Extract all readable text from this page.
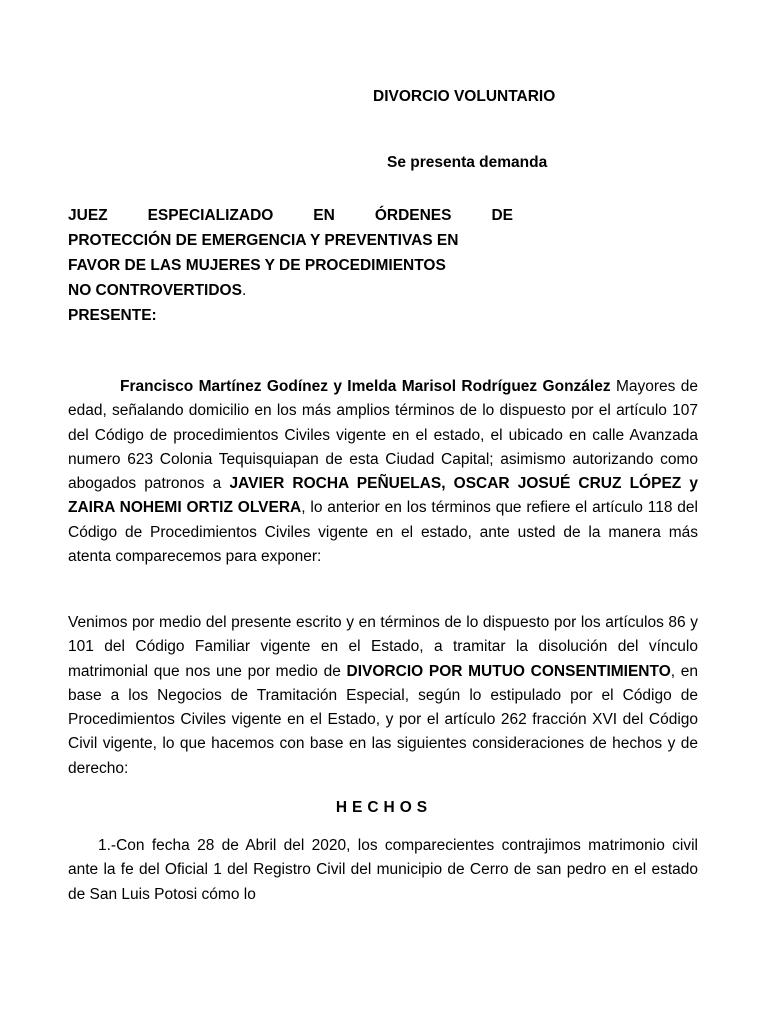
DIVORCIO VOLUNTARIO
Se presenta demanda
JUEZ	ESPECIALIZADO	EN	ÓRDENES	DE
PROTECCIÓN DE EMERGENCIA Y PREVENTIVAS EN
FAVOR DE LAS MUJERES Y DE PROCEDIMIENTOS
NO CONTROVERTIDOS.
PRESENTE:
Francisco Martínez Godínez y Imelda Marisol Rodríguez González Mayores de edad, señalando domicilio en los más amplios términos de lo dispuesto por el artículo 107 del Código de procedimientos Civiles vigente en el estado, el ubicado en calle Avanzada numero 623 Colonia Tequisquiapan de esta Ciudad Capital; asimismo autorizando como abogados patronos a JAVIER ROCHA PEÑUELAS, OSCAR JOSUÉ CRUZ LÓPEZ y ZAIRA NOHEMI ORTIZ OLVERA, lo anterior en los términos que refiere el artículo 118 del Código de Procedimientos Civiles vigente en el estado, ante usted de la manera más atenta comparecemos para exponer:
Venimos por medio del presente escrito y en términos de lo dispuesto por los artículos 86 y 101 del Código Familiar vigente en el Estado, a tramitar la disolución del vínculo matrimonial que nos une por medio de DIVORCIO POR MUTUO CONSENTIMIENTO, en base a los Negocios de Tramitación Especial, según lo estipulado por el Código de Procedimientos Civiles vigente en el Estado, y por el artículo 262 fracción XVI del Código Civil vigente, lo que hacemos con base en las siguientes consideraciones de hechos y de derecho:
HECHOS
1.-Con fecha 28 de Abril del 2020, los comparecientes contrajimos matrimonio civil ante la fe del Oficial 1 del Registro Civil del municipio de Cerro de san pedro en el estado de San Luis Potosi cómo lo
